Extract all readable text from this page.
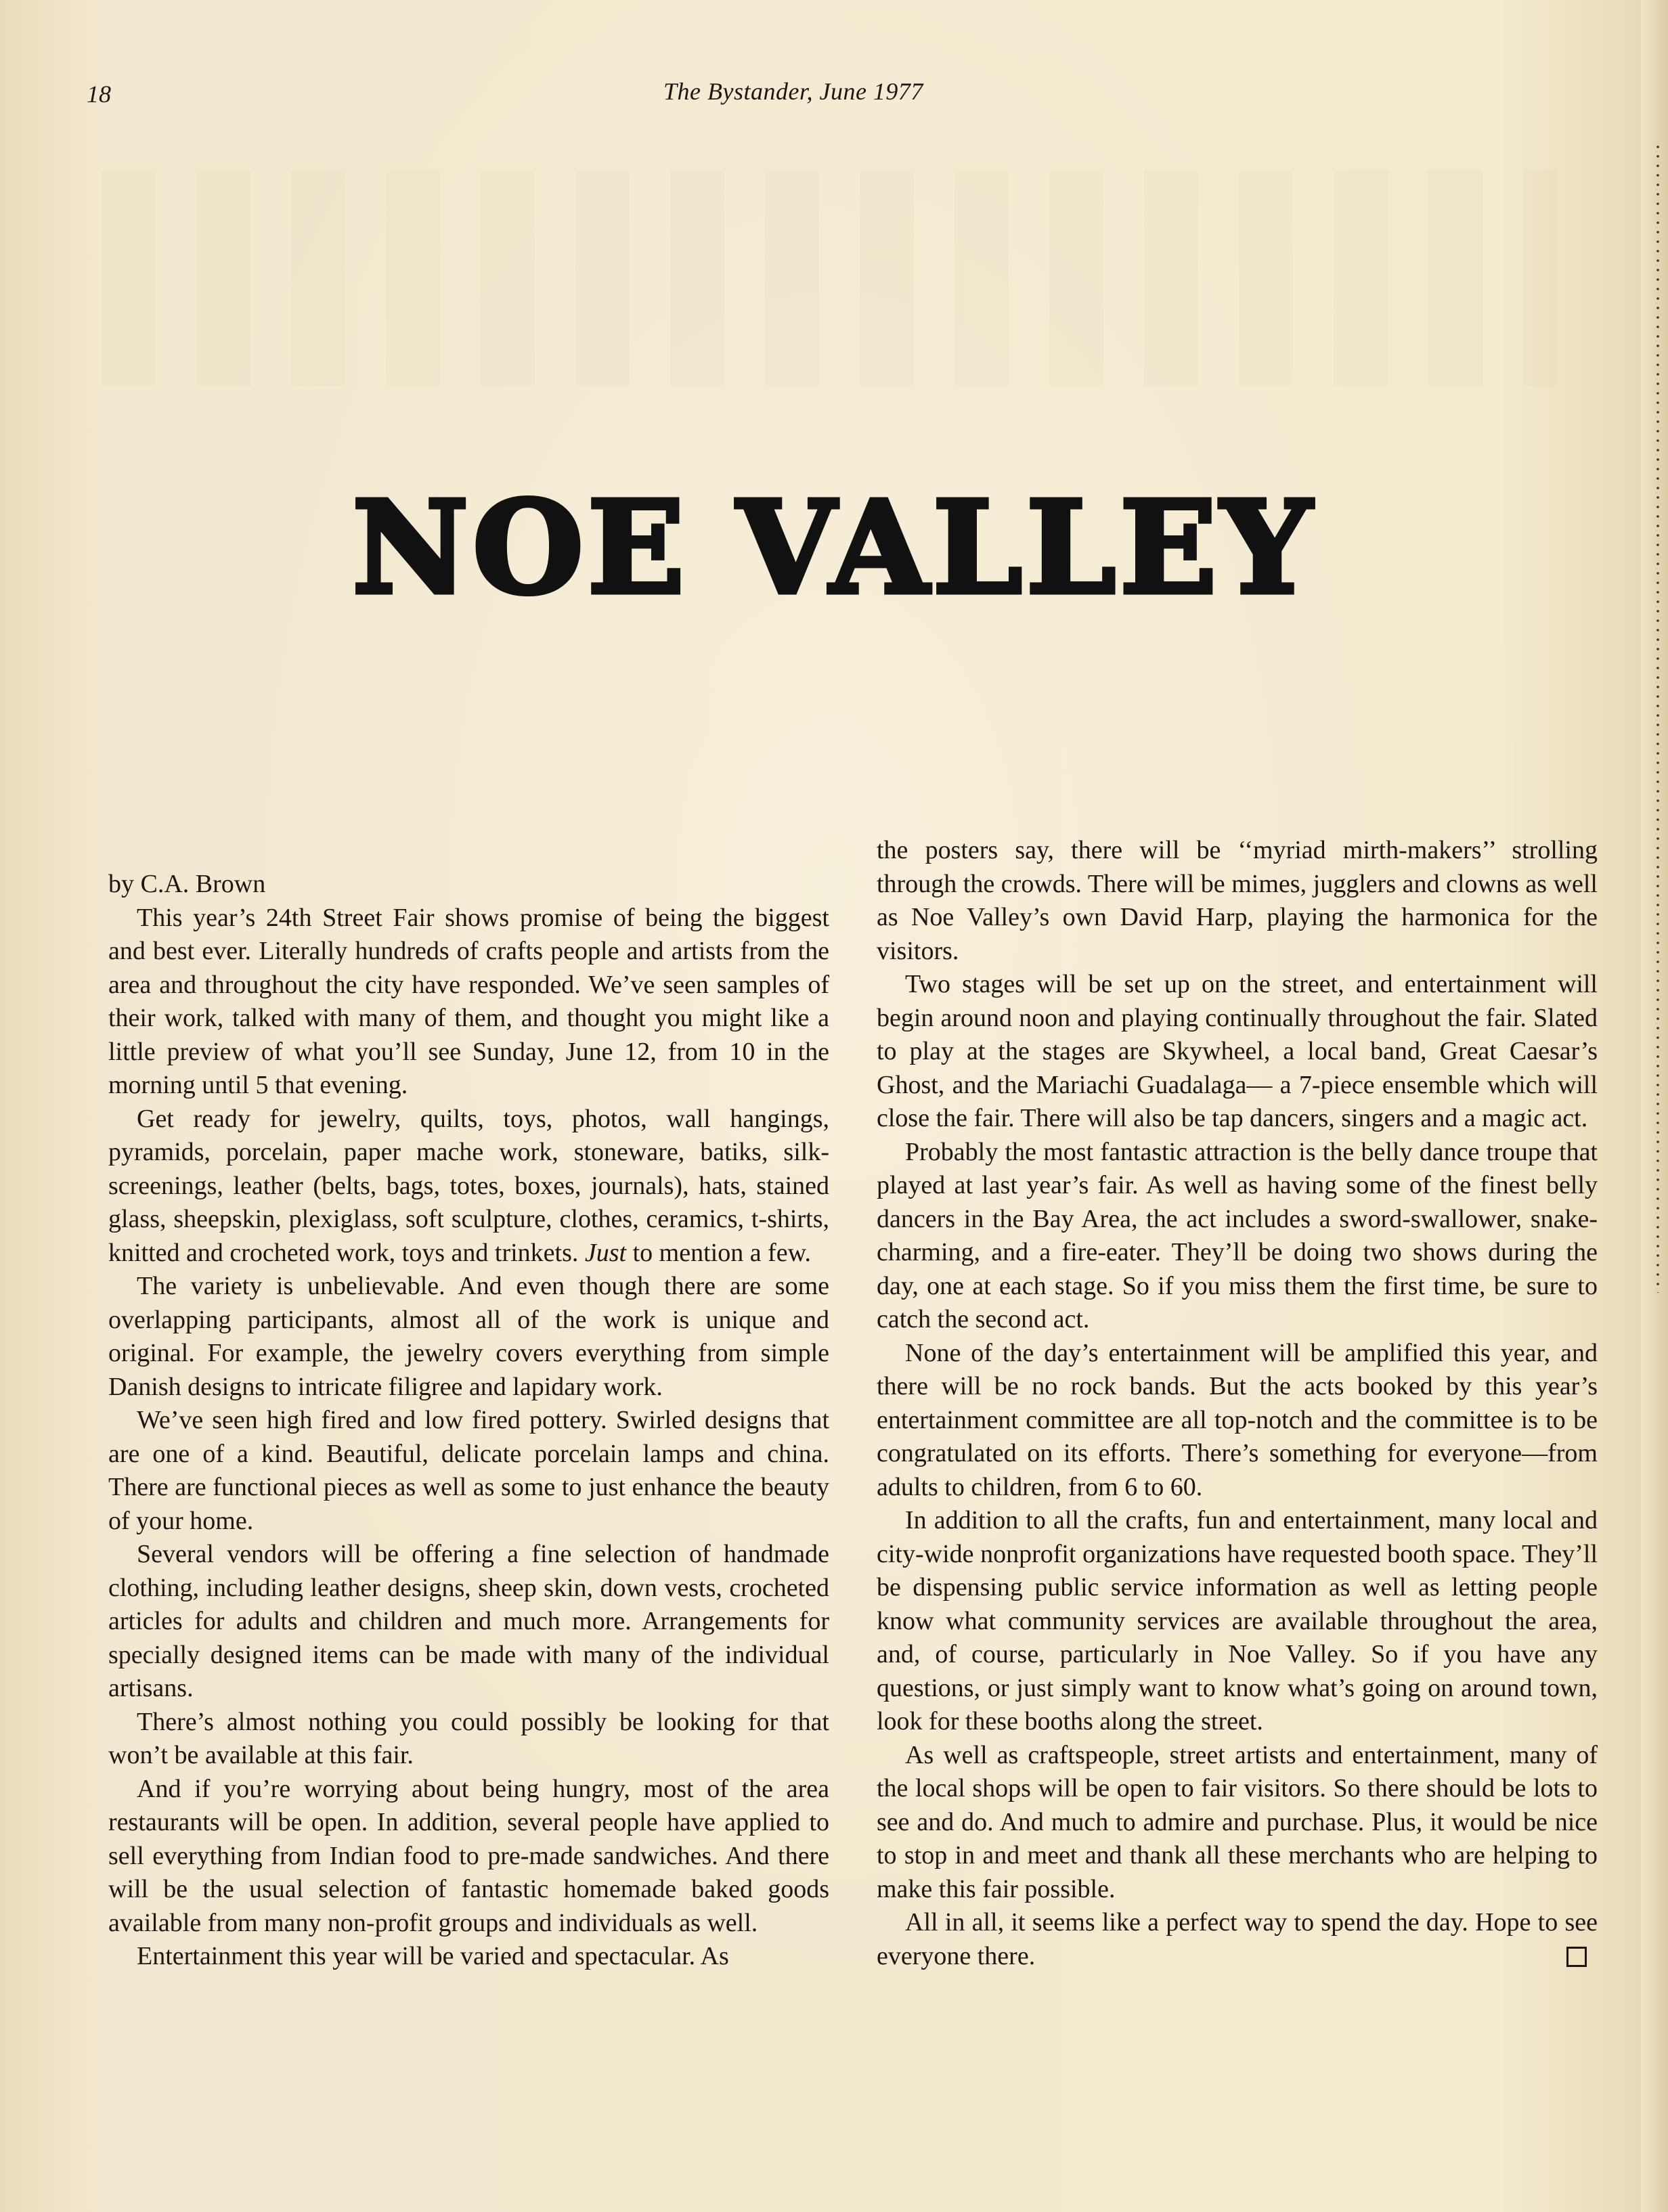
18	The Bystander, June 1977
NOE VALLEY
by C.A. Brown

This year’s 24th Street Fair shows promise of being the biggest and best ever. Literally hundreds of crafts people and artists from the area and throughout the city have responded. We’ve seen samples of their work, talked with many of them, and thought you might like a little preview of what you’ll see Sunday, June 12, from 10 in the morning until 5 that evening.

Get ready for jewelry, quilts, toys, photos, wall hangings, pyramids, porcelain, paper mache work, stoneware, batiks, silk-screenings, leather (belts, bags, totes, boxes, journals), hats, stained glass, sheepskin, plexiglass, soft sculpture, clothes, ceramics, t-shirts, knitted and crocheted work, toys and trinkets. Just to mention a few.

The variety is unbelievable. And even though there are some overlapping participants, almost all of the work is unique and original. For example, the jewelry covers everything from simple Danish designs to intricate filigree and lapidary work.

We’ve seen high fired and low fired pottery. Swirled designs that are one of a kind. Beautiful, delicate porcelain lamps and china. There are functional pieces as well as some to just enhance the beauty of your home.

Several vendors will be offering a fine selection of handmade clothing, including leather designs, sheep skin, down vests, crocheted articles for adults and children and much more. Arrangements for specially designed items can be made with many of the individual artisans.

There’s almost nothing you could possibly be looking for that won’t be available at this fair.

And if you’re worrying about being hungry, most of the area restaurants will be open. In addition, several people have applied to sell everything from Indian food to pre-made sandwiches. And there will be the usual selection of fantastic homemade baked goods available from many non-profit groups and individuals as well.

Entertainment this year will be varied and spectacular. As

the posters say, there will be ‘‘myriad mirth-makers’’ strolling through the crowds. There will be mimes, jugglers and clowns as well as Noe Valley’s own David Harp, playing the harmonica for the visitors.

Two stages will be set up on the street, and entertainment will begin around noon and playing continually throughout the fair. Slated to play at the stages are Skywheel, a local band, Great Caesar’s Ghost, and the Mariachi Guadalaga— a 7-piece ensemble which will close the fair. There will also be tap dancers, singers and a magic act.

Probably the most fantastic attraction is the belly dance troupe that played at last year’s fair. As well as having some of the finest belly dancers in the Bay Area, the act includes a sword-swallower, snake-charming, and a fire-eater. They’ll be doing two shows during the day, one at each stage. So if you miss them the first time, be sure to catch the second act.

None of the day’s entertainment will be amplified this year, and there will be no rock bands. But the acts booked by this year’s entertainment committee are all top-notch and the committee is to be congratulated on its efforts. There’s something for everyone—from adults to children, from 6 to 60.

In addition to all the crafts, fun and entertainment, many local and city-wide nonprofit organizations have requested booth space. They’ll be dispensing public service information as well as letting people know what community services are available throughout the area, and, of course, particularly in Noe Valley. So if you have any questions, or just simply want to know what’s going on around town, look for these booths along the street.

As well as craftspeople, street artists and entertainment, many of the local shops will be open to fair visitors. So there should be lots to see and do. And much to admire and purchase. Plus, it would be nice to stop in and meet and thank all these merchants who are helping to make this fair possible.

All in all, it seems like a perfect way to spend the day. Hope to see everyone there.
